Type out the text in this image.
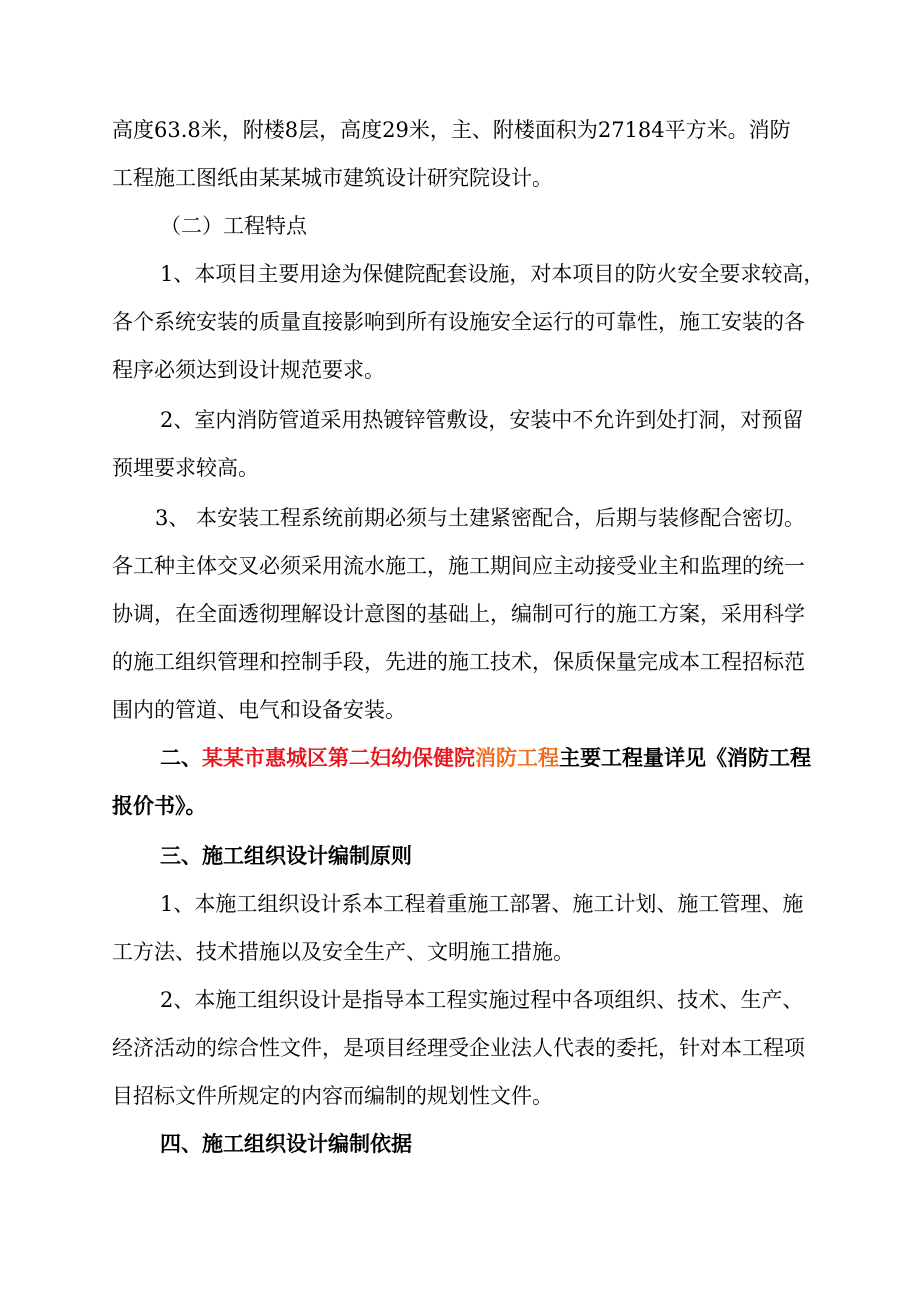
高度63.8米，附楼8层，高度29米，主、附楼面积为27184平方米。消防
工程施工图纸由某某城市建筑设计研究院设计。
（二）工程特点
1、本项目主要用途为保健院配套设施，对本项目的防火安全要求较高，
各个系统安装的质量直接影响到所有设施安全运行的可靠性，施工安装的各
程序必须达到设计规范要求。
2、室内消防管道采用热镀锌管敷设，安装中不允许到处打洞，对预留
预埋要求较高。
3、 本安装工程系统前期必须与土建紧密配合，后期与装修配合密切。
各工种主体交叉必须采用流水施工，施工期间应主动接受业主和监理的统一
协调，在全面透彻理解设计意图的基础上，编制可行的施工方案，采用科学
的施工组织管理和控制手段，先进的施工技术，保质保量完成本工程招标范
围内的管道、电气和设备安装。
二、某某市惠城区第二妇幼保健院消防工程主要工程量详见《消防工程
报价书》。
三、施工组织设计编制原则
1、本施工组织设计系本工程着重施工部署、施工计划、施工管理、施
工方法、技术措施以及安全生产、文明施工措施。
2、本施工组织设计是指导本工程实施过程中各项组织、技术、生产、
经济活动的综合性文件，是项目经理受企业法人代表的委托，针对本工程项
目招标文件所规定的内容而编制的规划性文件。
四、施工组织设计编制依据
